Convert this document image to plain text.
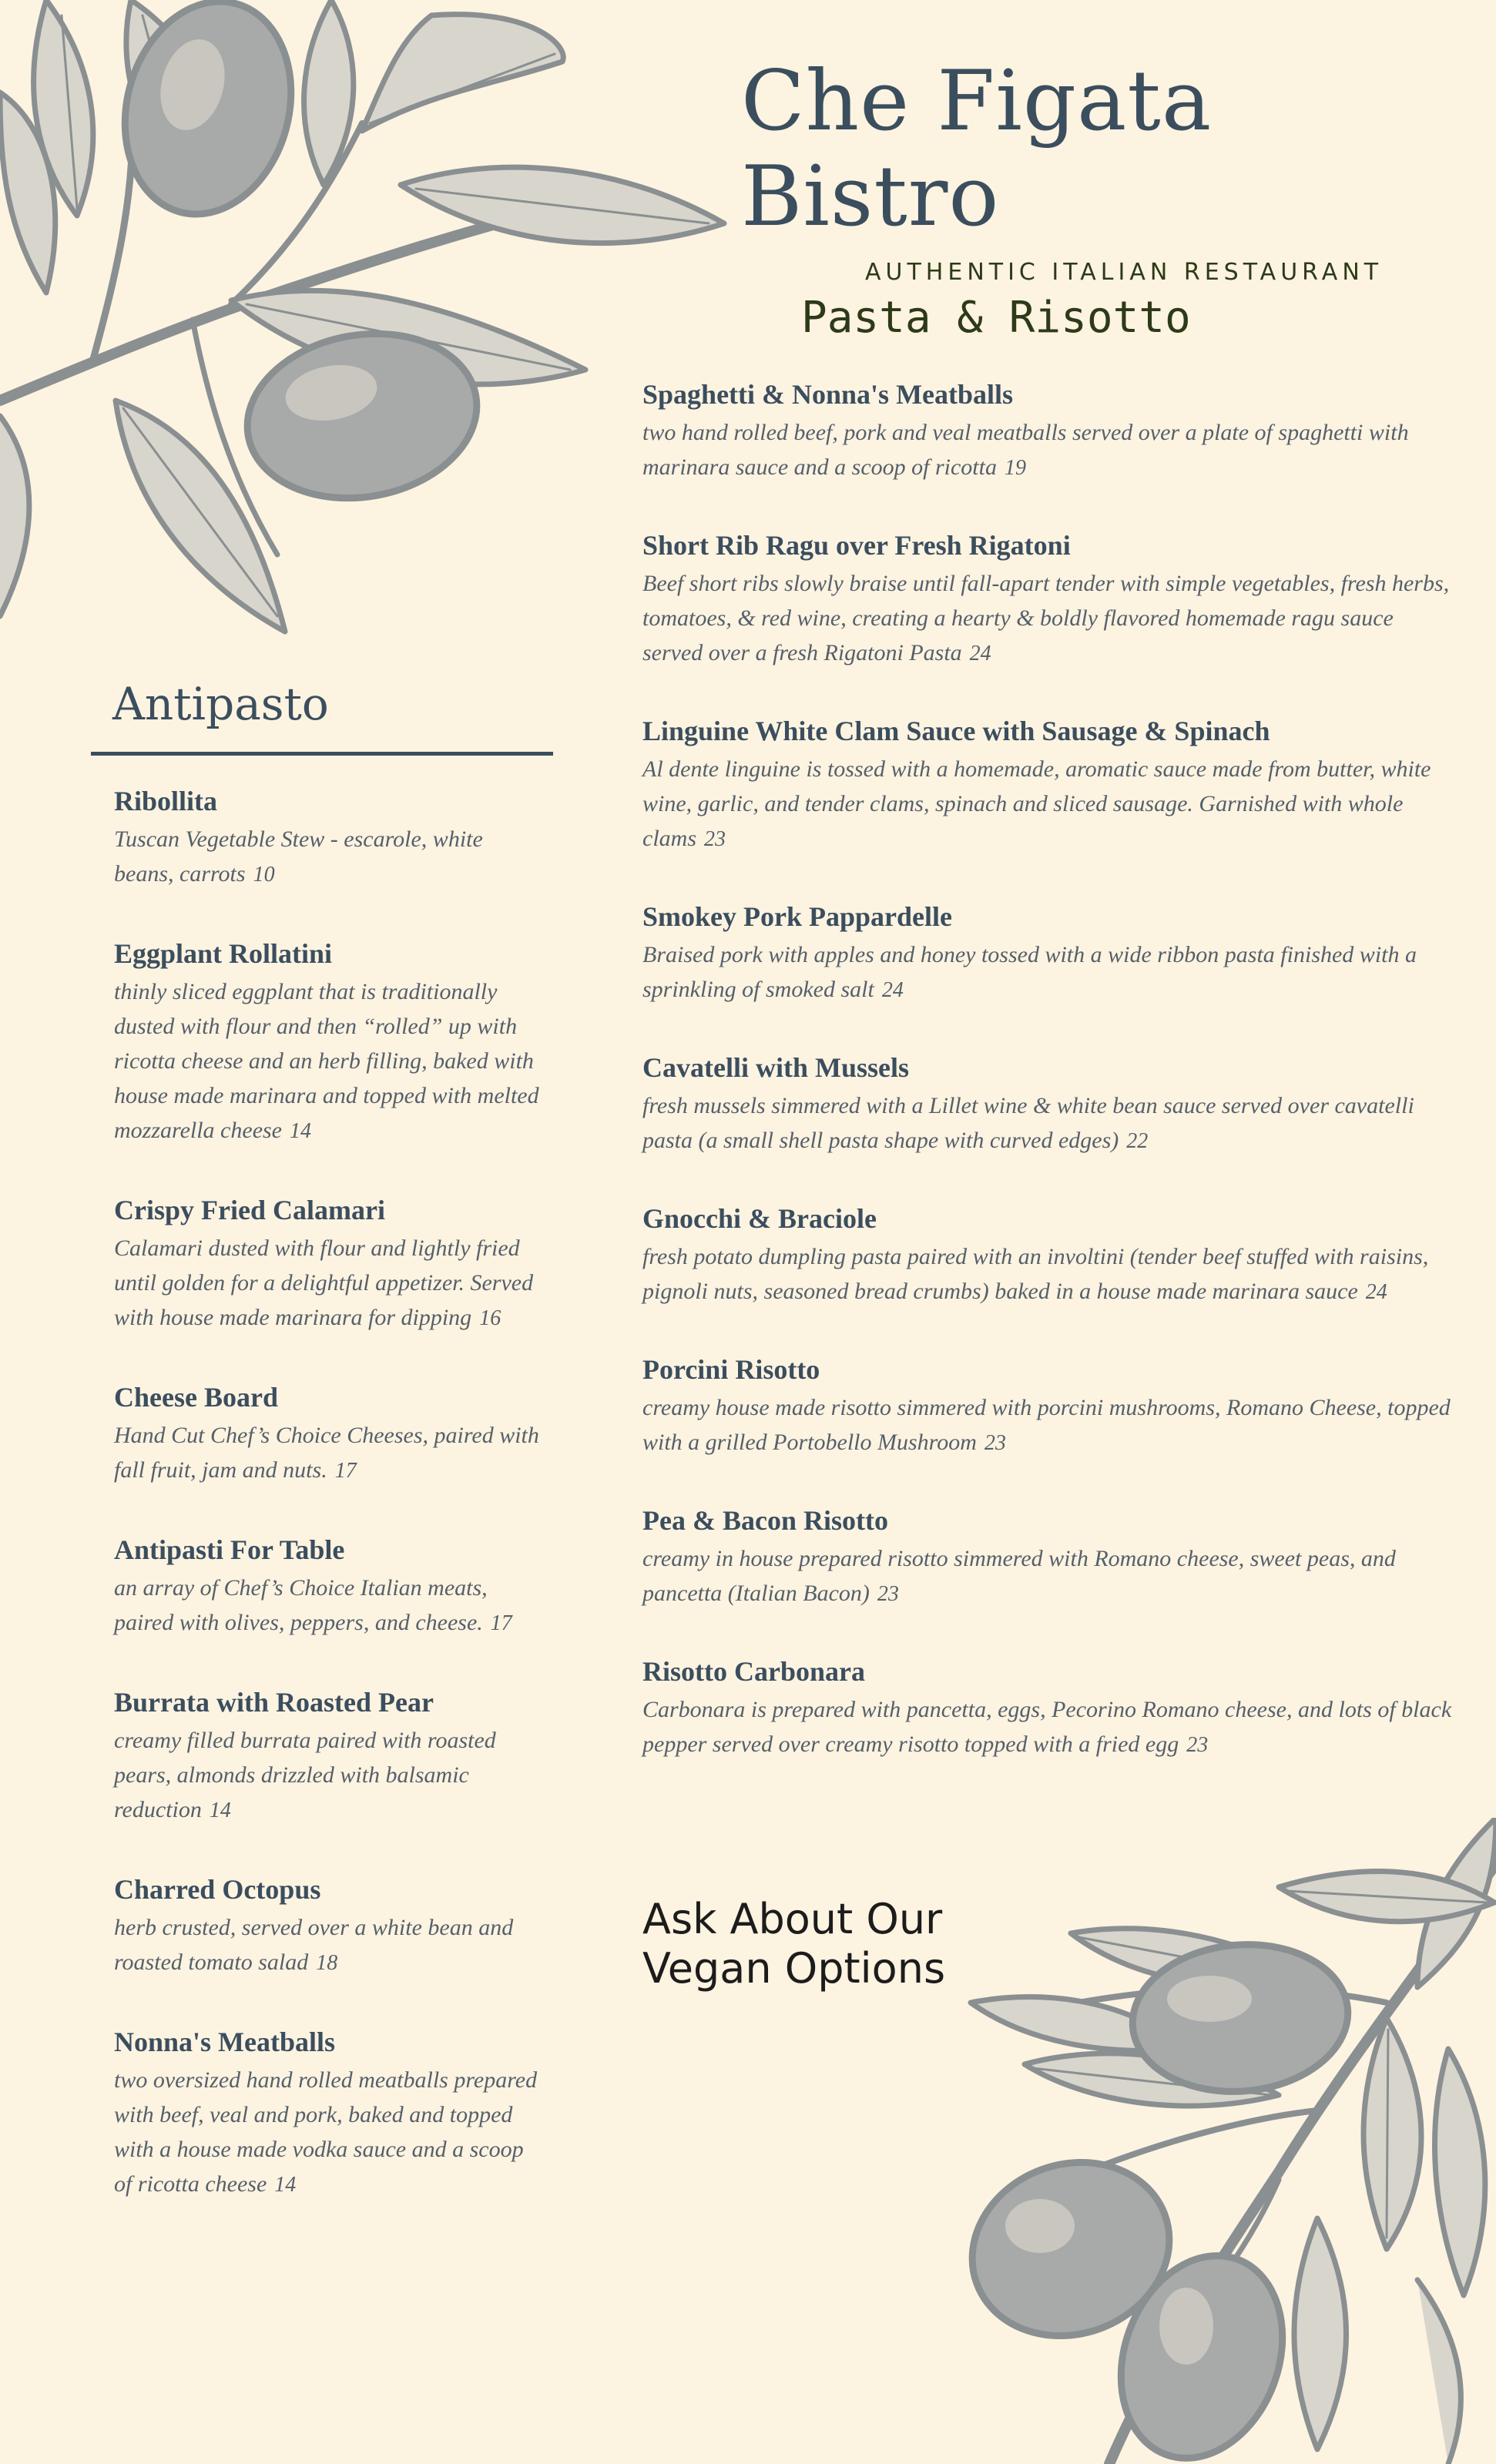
Che Figata Bistro
AUTHENTIC ITALIAN RESTAURANT
Pasta & Risotto
Spaghetti & Nonna's Meatballs
two hand rolled beef, pork and veal meatballs served over a plate of spaghetti with marinara sauce and a scoop of ricotta 19
Short Rib Ragu over Fresh Rigatoni
Beef short ribs slowly braise until fall-apart tender with simple vegetables, fresh herbs, tomatoes, & red wine, creating a hearty & boldly flavored homemade ragu sauce served over a fresh Rigatoni Pasta 24
Linguine White Clam Sauce with Sausage & Spinach
Al dente linguine is tossed with a homemade, aromatic sauce made from butter, white wine, garlic, and tender clams, spinach and sliced sausage. Garnished with whole clams 23
Smokey Pork Pappardelle
Braised pork with apples and honey tossed with a wide ribbon pasta finished with a sprinkling of smoked salt 24
Cavatelli with Mussels
fresh mussels simmered with a Lillet wine & white bean sauce served over cavatelli pasta (a small shell pasta shape with curved edges) 22
Gnocchi & Braciole
fresh potato dumpling pasta paired with an involtini (tender beef stuffed with raisins, pignoli nuts, seasoned bread crumbs) baked in a house made marinara sauce 24
Porcini Risotto
creamy house made risotto simmered with porcini mushrooms, Romano Cheese, topped with a grilled Portobello Mushroom 23
Pea & Bacon Risotto
creamy in house prepared risotto simmered with Romano cheese, sweet peas, and pancetta (Italian Bacon) 23
Risotto Carbonara
Carbonara is prepared with pancetta, eggs, Pecorino Romano cheese, and lots of black pepper served over creamy risotto topped with a fried egg 23
Antipasto
Ribollita
Tuscan Vegetable Stew - escarole, white beans, carrots 10
Eggplant Rollatini
thinly sliced eggplant that is traditionally dusted with flour and then “rolled” up with ricotta cheese and an herb filling, baked with house made marinara and topped with melted mozzarella cheese 14
Crispy Fried Calamari
Calamari dusted with flour and lightly fried until golden for a delightful appetizer. Served with house made marinara for dipping 16
Cheese Board
Hand Cut Chef’s Choice Cheeses, paired with fall fruit, jam and nuts. 17
Antipasti For Table
an array of Chef’s Choice Italian meats, paired with olives, peppers, and cheese. 17
Burrata with Roasted Pear
creamy filled burrata paired with roasted pears, almonds drizzled with balsamic reduction 14
Charred Octopus
herb crusted, served over a white bean and roasted tomato salad 18
Nonna's Meatballs
two oversized hand rolled meatballs prepared with beef, veal and pork, baked and topped with a house made vodka sauce and a scoop of ricotta cheese 14

Ask About Our
Vegan Options
